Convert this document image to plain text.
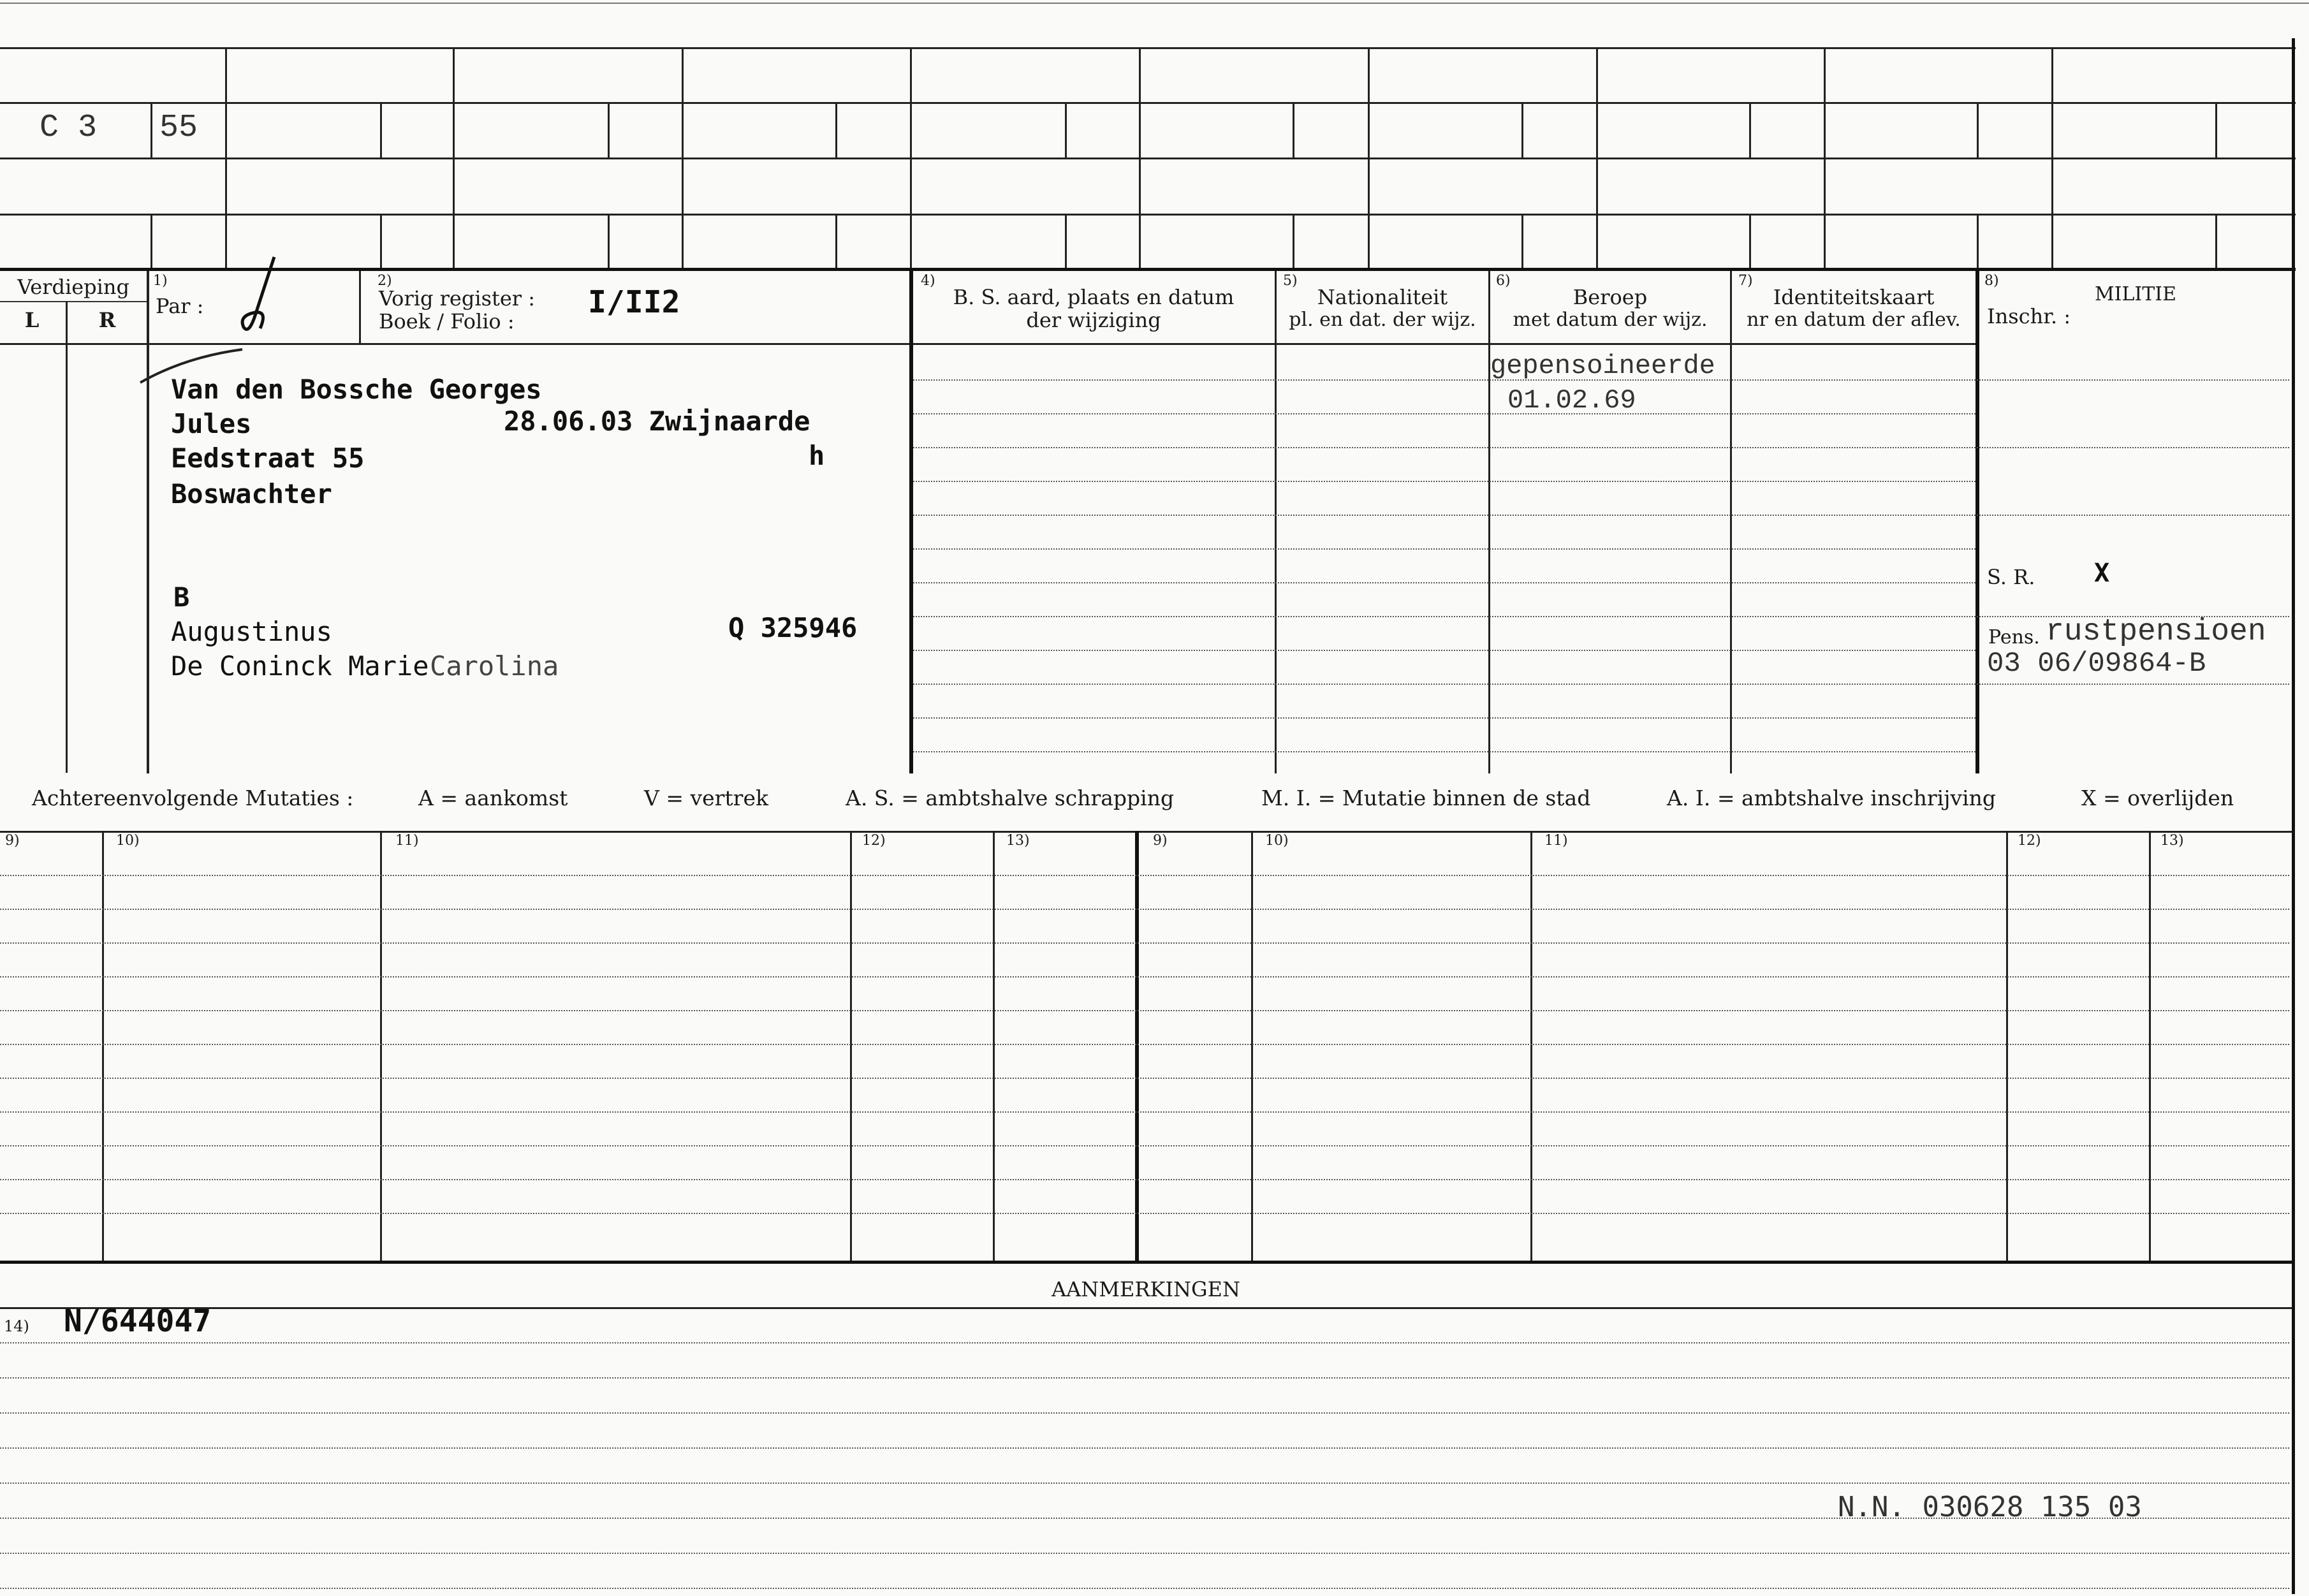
C 3 55
Verdieping
L	R
1)
Par :
2)
Vorig register :
Boek / Folio :
I/II2
4)
B. S. aard, plaats en datum
der wijziging
5)
Nationaliteit
pl. en dat. der wijz.
6)
Beroep
met datum der wijz.
7)
Identiteitskaart
nr en datum der aflev.
8)
MILITIE
Inschr. :
Van den Bossche Georges
Jules	28.06.03 Zwijnaarde
Eedstraat 55	h
Boswachter
B
Augustinus	Q 325946
De Coninck Marie Carolina
gepensoineerde
01.02.69
S. R. X
Pens. rustpensioen
03 06/09864-B
Achtereenvolgende Mutaties :	A = aankomst	V = vertrek	A. S. = ambtshalve schrapping	M. I. = Mutatie binnen de stad	A. I. = ambtshalve inschrijving	X = overlijden
9)	10)	11)	12)	13)	9)	10)	11)	12)	13)
AANMERKINGEN
14) N/644047
N.N. 030628 135 03
